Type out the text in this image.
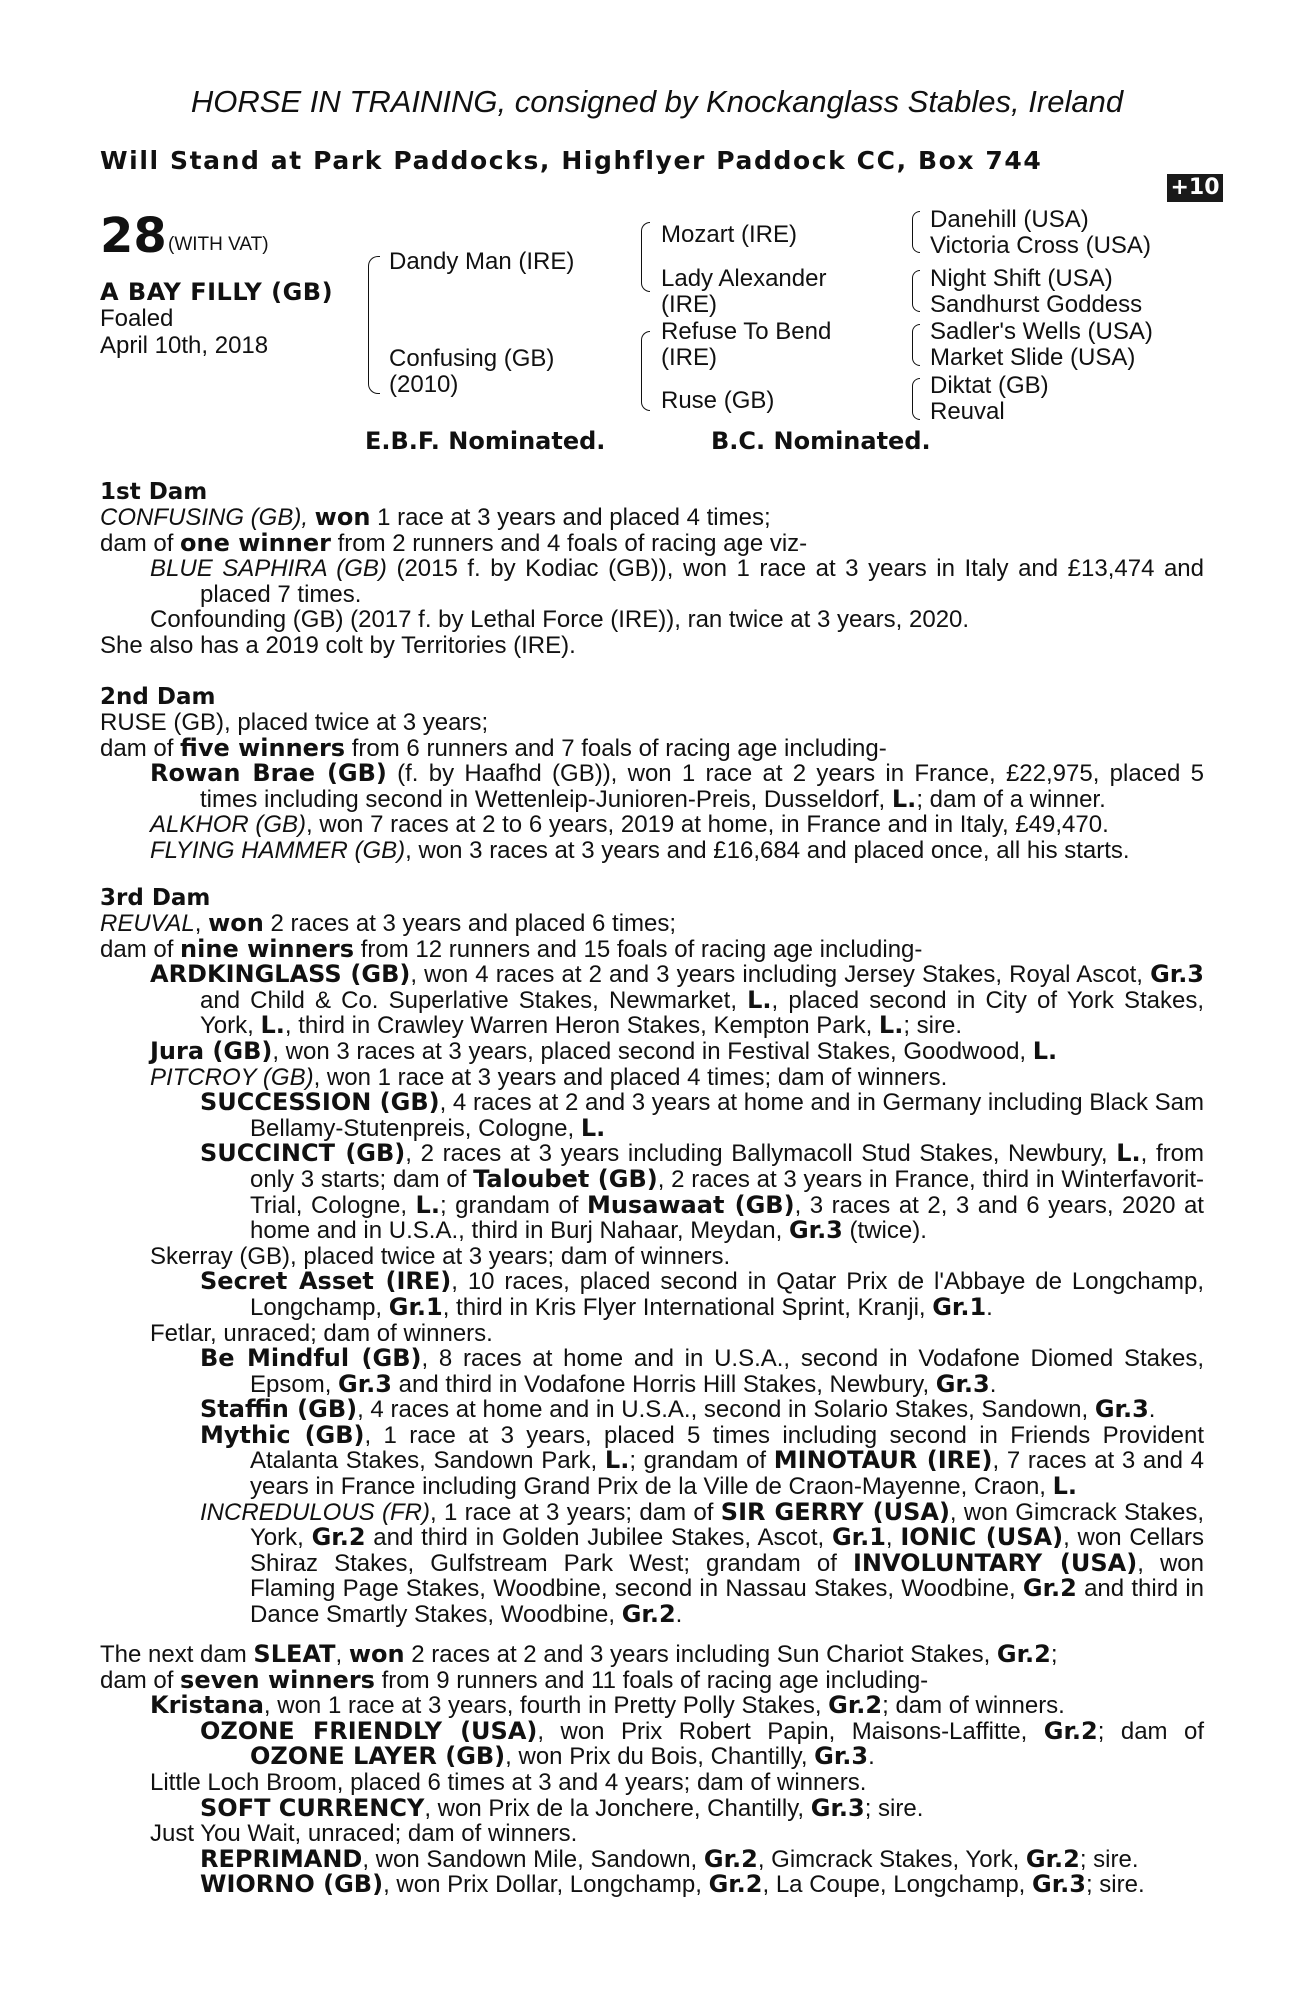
HORSE IN TRAINING, consigned by Knockanglass Stables, Ireland
Will Stand at Park Paddocks, Highflyer Paddock CC, Box 744
+10
28 (WITH VAT)
A BAY FILLY (GB)
Foaled
April 10th, 2018
Dandy Man (IRE)
Confusing (GB)
(2010)
Mozart (IRE)
Lady Alexander
(IRE)
Refuse To Bend
(IRE)
Ruse (GB)
Danehill (USA)
Victoria Cross (USA)
Night Shift (USA)
Sandhurst Goddess
Sadler's Wells (USA)
Market Slide (USA)
Diktat (GB)
Reuval
E.B.F. Nominated.	B.C. Nominated.
1st Dam
CONFUSING (GB), won 1 race at 3 years and placed 4 times;
dam of one winner from 2 runners and 4 foals of racing age viz-
BLUE SAPHIRA (GB) (2015 f. by Kodiac (GB)), won 1 race at 3 years in Italy and £13,474 and placed 7 times.
Confounding (GB) (2017 f. by Lethal Force (IRE)), ran twice at 3 years, 2020.
She also has a 2019 colt by Territories (IRE).
2nd Dam
RUSE (GB), placed twice at 3 years;
dam of five winners from 6 runners and 7 foals of racing age including-
Rowan Brae (GB) (f. by Haafhd (GB)), won 1 race at 2 years in France, £22,975, placed 5 times including second in Wettenleip-Junioren-Preis, Dusseldorf, L.; dam of a winner.
ALKHOR (GB), won 7 races at 2 to 6 years, 2019 at home, in France and in Italy, £49,470.
FLYING HAMMER (GB), won 3 races at 3 years and £16,684 and placed once, all his starts.
3rd Dam
REUVAL, won 2 races at 3 years and placed 6 times;
dam of nine winners from 12 runners and 15 foals of racing age including-
ARDKINGLASS (GB), won 4 races at 2 and 3 years including Jersey Stakes, Royal Ascot, Gr.3 and Child & Co. Superlative Stakes, Newmarket, L., placed second in City of York Stakes, York, L., third in Crawley Warren Heron Stakes, Kempton Park, L.; sire.
Jura (GB), won 3 races at 3 years, placed second in Festival Stakes, Goodwood, L.
PITCROY (GB), won 1 race at 3 years and placed 4 times; dam of winners.
SUCCESSION (GB), 4 races at 2 and 3 years at home and in Germany including Black Sam Bellamy-Stutenpreis, Cologne, L.
SUCCINCT (GB), 2 races at 3 years including Ballymacoll Stud Stakes, Newbury, L., from only 3 starts; dam of Taloubet (GB), 2 races at 3 years in France, third in Winterfavorit-Trial, Cologne, L.; grandam of Musawaat (GB), 3 races at 2, 3 and 6 years, 2020 at home and in U.S.A., third in Burj Nahaar, Meydan, Gr.3 (twice).
Skerray (GB), placed twice at 3 years; dam of winners.
Secret Asset (IRE), 10 races, placed second in Qatar Prix de l'Abbaye de Longchamp, Longchamp, Gr.1, third in Kris Flyer International Sprint, Kranji, Gr.1.
Fetlar, unraced; dam of winners.
Be Mindful (GB), 8 races at home and in U.S.A., second in Vodafone Diomed Stakes, Epsom, Gr.3 and third in Vodafone Horris Hill Stakes, Newbury, Gr.3.
Staffin (GB), 4 races at home and in U.S.A., second in Solario Stakes, Sandown, Gr.3.
Mythic (GB), 1 race at 3 years, placed 5 times including second in Friends Provident Atalanta Stakes, Sandown Park, L.; grandam of MINOTAUR (IRE), 7 races at 3 and 4 years in France including Grand Prix de la Ville de Craon-Mayenne, Craon, L.
INCREDULOUS (FR), 1 race at 3 years; dam of SIR GERRY (USA), won Gimcrack Stakes, York, Gr.2 and third in Golden Jubilee Stakes, Ascot, Gr.1, IONIC (USA), won Cellars Shiraz Stakes, Gulfstream Park West; grandam of INVOLUNTARY (USA), won Flaming Page Stakes, Woodbine, second in Nassau Stakes, Woodbine, Gr.2 and third in Dance Smartly Stakes, Woodbine, Gr.2.
The next dam SLEAT, won 2 races at 2 and 3 years including Sun Chariot Stakes, Gr.2;
dam of seven winners from 9 runners and 11 foals of racing age including-
Kristana, won 1 race at 3 years, fourth in Pretty Polly Stakes, Gr.2; dam of winners.
OZONE FRIENDLY (USA), won Prix Robert Papin, Maisons-Laffitte, Gr.2; dam of OZONE LAYER (GB), won Prix du Bois, Chantilly, Gr.3.
Little Loch Broom, placed 6 times at 3 and 4 years; dam of winners.
SOFT CURRENCY, won Prix de la Jonchere, Chantilly, Gr.3; sire.
Just You Wait, unraced; dam of winners.
REPRIMAND, won Sandown Mile, Sandown, Gr.2, Gimcrack Stakes, York, Gr.2; sire.
WIORNO (GB), won Prix Dollar, Longchamp, Gr.2, La Coupe, Longchamp, Gr.3; sire.
